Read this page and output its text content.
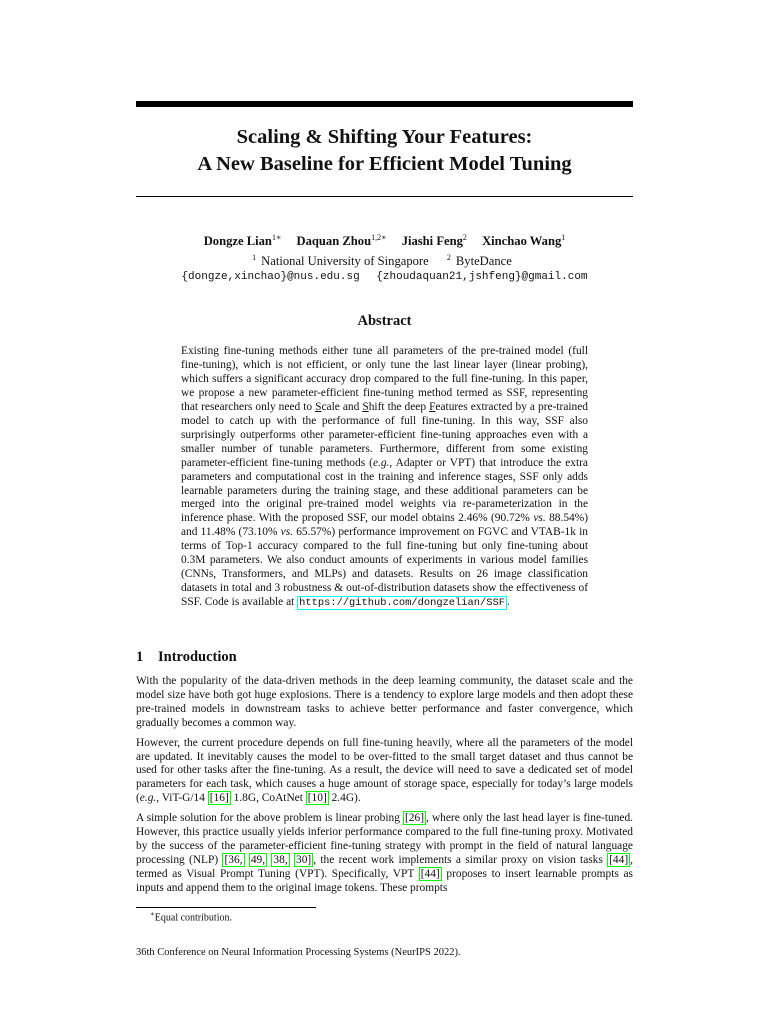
Scaling & Shifting Your Features:
A New Baseline for Efficient Model Tuning
Dongze Lian$^{1∗}$ Daquan Zhou$^{1,2∗}$ Jiashi Feng$^2$ Xinchao Wang$^1$
$^1$ National University of Singapore $^2$ ByteDance
{dongze,xinchao}@nus.edu.sg {zhoudaquan21,jshfeng}@gmail.com
Abstract
Existing fine-tuning methods either tune all parameters of the pre-trained model (full fine-tuning), which is not efficient, or only tune the last linear layer (linear probing), which suffers a significant accuracy drop compared to the full fine-tuning. In this paper, we propose a new parameter-efficient fine-tuning method termed as SSF, representing that researchers only need to Scale and Shift the deep Features extracted by a pre-trained model to catch up with the performance of full fine-tuning. In this way, SSF also surprisingly outperforms other parameter-efficient fine-tuning approaches even with a smaller number of tunable parameters. Furthermore, different from some existing parameter-efficient fine-tuning methods (e.g., Adapter or VPT) that introduce the extra parameters and computational cost in the training and inference stages, SSF only adds learnable parameters during the training stage, and these additional parameters can be merged into the original pre-trained model weights via re-parameterization in the inference phase. With the proposed SSF, our model obtains 2.46% (90.72% vs. 88.54%) and 11.48% (73.10% vs. 65.57%) performance improvement on FGVC and VTAB-1k in terms of Top-1 accuracy compared to the full fine-tuning but only fine-tuning about 0.3M parameters. We also conduct amounts of experiments in various model families (CNNs, Transformers, and MLPs) and datasets. Results on 26 image classification datasets in total and 3 robustness & out-of-distribution datasets show the effectiveness of SSF. Code is available at https://github.com/dongzelian/SSF .
1 Introduction

With the popularity of the data-driven methods in the deep learning community, the dataset scale and the model size have both got huge explosions. There is a tendency to explore large models and then adopt these pre-trained models in downstream tasks to achieve better performance and faster convergence, which gradually becomes a common way.

However, the current procedure depends on full fine-tuning heavily, where all the parameters of the model are updated. It inevitably causes the model to be over-fitted to the small target dataset and thus cannot be used for other tasks after the fine-tuning. As a result, the device will need to save a dedicated set of model parameters for each task, which causes a huge amount of storage space, especially for today’s large models (e.g., ViT-G/14 [16] 1.8G, CoAtNet [10] 2.4G).

A simple solution for the above problem is linear probing [26] , where only the last head layer is fine-tuned. However, this practice usually yields inferior performance compared to the full fine-tuning proxy. Motivated by the success of the parameter-efficient fine-tuning strategy with prompt in the field of natural language processing (NLP) [36, 49, 38, 30] , the recent work implements a similar proxy on vision tasks [44] , termed as Visual Prompt Tuning (VPT). Specifically, VPT [44] proposes to insert learnable prompts as inputs and append them to the original image tokens. These prompts

∗Equal contribution.
36th Conference on Neural Information Processing Systems (NeurIPS 2022).
